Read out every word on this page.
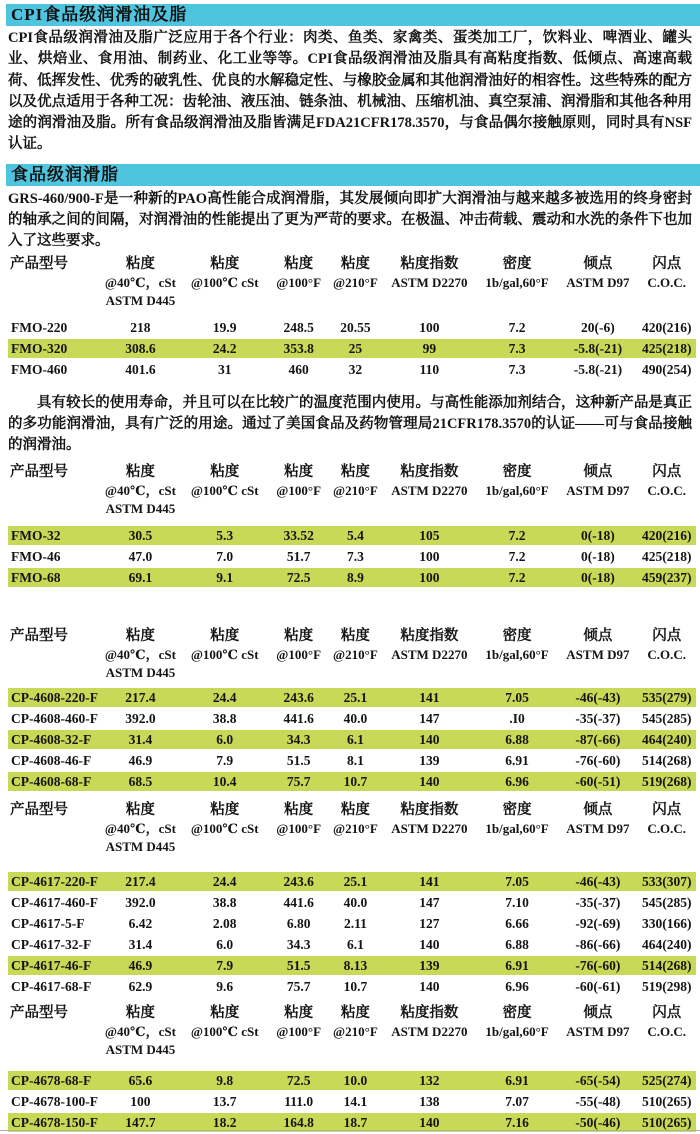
CPI食品级润滑油及脂

CPI食品级润滑油及脂广泛应用于各个行业：肉类、鱼类、家禽类、蛋类加工厂，饮料业、啤酒业、罐头业、烘焙业、食用油、制药业、化工业等等。CPI食品级润滑油及脂具有高粘度指数、低倾点、高速高载荷、低挥发性、优秀的破乳性、优良的水解稳定性、与橡胶金属和其他润滑油好的相容性。这些特殊的配方以及优点适用于各种工况：齿轮油、液压油、链条油、机械油、压缩机油、真空泵浦、润滑脂和其他各种用途的润滑油及脂。所有食品级润滑油及脂皆满足FDA21CFR178.3570，与食品偶尔接触原则，同时具有NSF认证。

食品级润滑脂

GRS-460/900-F是一种新的PAO高性能合成润滑脂，其发展倾向即扩大润滑油与越来越多被选用的终身密封的轴承之间的间隔，对润滑油的性能提出了更为严苛的要求。在极温、冲击荷载、震动和水洗的条件下也加入了这些要求。

产品型号	粘度	粘度	粘度	粘度	粘度指数	密度	倾点	闪点
	@40℃，cSt	@100℃ cSt	@100°F	@210°F	ASTM D2270	1b/gal,60°F	ASTM D97	C.O.C.
	ASTM D445							

FMO-220	218	19.9	248.5	20.55	100	7.2	20(-6)	420(216)
FMO-320	308.6	24.2	353.8	25	99	7.3	-5.8(-21)	425(218)
FMO-460	401.6	31	460	32	110	7.3	-5.8(-21)	490(254)

具有较长的使用寿命，并且可以在比较广的温度范围内使用。与高性能添加剂结合，这种新产品是真正的多功能润滑油，具有广泛的用途。通过了美国食品及药物管理局21CFR178.3570的认证——可与食品接触的润滑油。

产品型号	粘度	粘度	粘度	粘度	粘度指数	密度	倾点	闪点
	@40℃，cSt	@100℃ cSt	@100°F	@210°F	ASTM D2270	1b/gal,60°F	ASTM D97	C.O.C.
	ASTM D445							

FMO-32	30.5	5.3	33.52	5.4	105	7.2	0(-18)	420(216)
FMO-46	47.0	7.0	51.7	7.3	100	7.2	0(-18)	425(218)
FMO-68	69.1	9.1	72.5	8.9	100	7.2	0(-18)	459(237)
产品型号	粘度	粘度	粘度	粘度	粘度指数	密度	倾点	闪点
	@40℃，cSt	@100℃ cSt	@100°F	@210°F	ASTM D2270	1b/gal,60°F	ASTM D97	C.O.C.
	ASTM D445							

CP-4608-220-F	217.4	24.4	243.6	25.1	141	7.05	-46(-43)	535(279)
CP-4608-460-F	392.0	38.8	441.6	40.0	147	.I0	-35(-37)	545(285)
CP-4608-32-F	31.4	6.0	34.3	6.1	140	6.88	-87(-66)	464(240)
CP-4608-46-F	46.9	7.9	51.5	8.1	139	6.91	-76(-60)	514(268)
CP-4608-68-F	68.5	10.4	75.7	10.7	140	6.96	-60(-51)	519(268)
产品型号	粘度	粘度	粘度	粘度	粘度指数	密度	倾点	闪点
	@40℃，cSt	@100℃ cSt	@100°F	@210°F	ASTM D2270	1b/gal,60°F	ASTM D97	C.O.C.
	ASTM D445							

CP-4617-220-F	217.4	24.4	243.6	25.1	141	7.05	-46(-43)	533(307)
CP-4617-460-F	392.0	38.8	441.6	40.0	147	7.10	-35(-37)	545(285)
CP-4617-5-F	6.42	2.08	6.80	2.11	127	6.66	-92(-69)	330(166)
CP-4617-32-F	31.4	6.0	34.3	6.1	140	6.88	-86(-66)	464(240)
CP-4617-46-F	46.9	7.9	51.5	8.13	139	6.91	-76(-60)	514(268)
CP-4617-68-F	62.9	9.6	75.7	10.7	140	6.96	-60(-61)	519(298)
产品型号	粘度	粘度	粘度	粘度	粘度指数	密度	倾点	闪点
	@40℃，cSt	@100℃ cSt	@100°F	@210°F	ASTM D2270	1b/gal,60°F	ASTM D97	C.O.C.
	ASTM D445							

CP-4678-68-F	65.6	9.8	72.5	10.0	132	6.91	-65(-54)	525(274)
CP-4678-100-F	100	13.7	111.0	14.1	138	7.07	-55(-48)	510(265)
CP-4678-150-F	147.7	18.2	164.8	18.7	140	7.16	-50(-46)	510(265)
